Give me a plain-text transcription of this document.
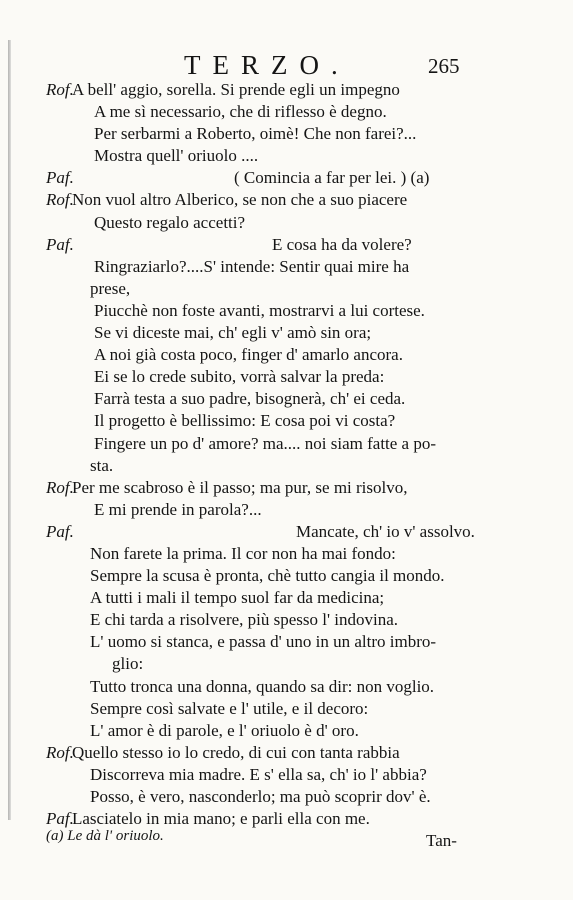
TERZO.	265
Rof.
A bell' aggio, sorella. Si prende egli un impegno
A me sì necessario, che di riflesso è degno.
Per serbarmi a Roberto, oimè! Che non farei?...
Mostra quell' oriuolo ....
Paf.	( Comincia a far per lei. ) (a)
Rof.
Non vuol altro Alberico, se non che a suo piacere
Questo regalo accetti?
Paf.	E cosa ha da volere?
Ringraziarlo?....S' intende: Sentir quai mire ha
prese,
Piucchè non foste avanti, mostrarvi a lui cortese.
Se vi diceste mai, ch' egli v' amò sin ora;
A noi già costa poco, finger d' amarlo ancora.
Ei se lo crede subito, vorrà salvar la preda:
Farrà testa a suo padre, bisognerà, ch' ei ceda.
Il progetto è bellissimo: E cosa poi vi costa?
Fingere un po d' amore? ma.... noi siam fatte a po-
sta.
Rof.
Per me scabroso è il passo; ma pur, se mi risolvo,
E mi prende in parola?...
Paf.	Mancate, ch' io v' assolvo.
Non farete la prima. Il cor non ha mai fondo:
Sempre la scusa è pronta, chè tutto cangia il mondo.
A tutti i mali il tempo suol far da medicina;
E chi tarda a risolvere, più spesso l' indovina.
L' uomo si stanca, e passa d' uno in un altro imbro-
glio:
Tutto tronca una donna, quando sa dir: non voglio.
Sempre così salvate e l' utile, e il decoro:
L' amor è di parole, e l' oriuolo è d' oro.
Rof.
Quello stesso io lo credo, di cui con tanta rabbia
Discorreva mia madre. E s' ella sa, ch' io l' abbia?
Posso, è vero, nasconderlo; ma può scoprir dov' è.
Paf.
Lasciatelo in mia mano; e parli ella con me.
Tan-
(a) Le dà l' oriuolo.
